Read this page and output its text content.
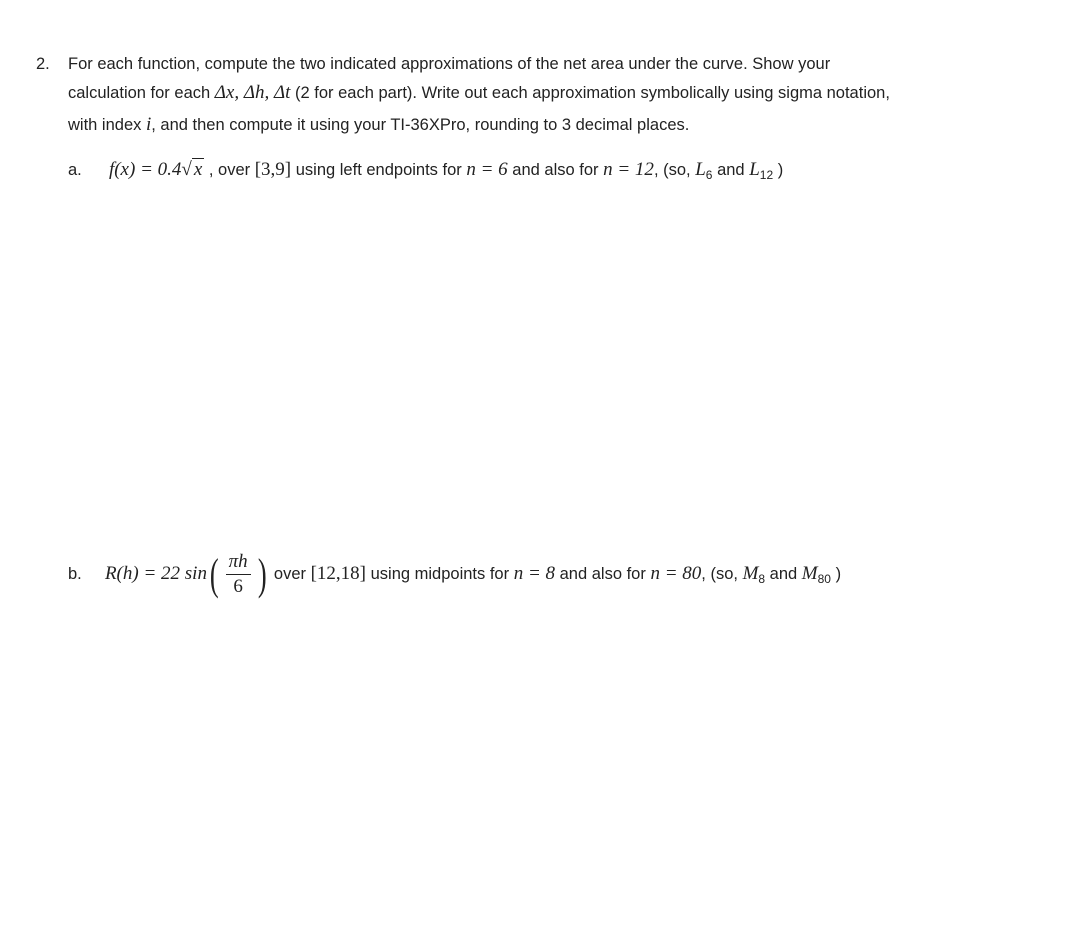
2. For each function, compute the two indicated approximations of the net area under the curve. Show your
calculation for each Δx, Δh, Δt (2 for each part). Write out each approximation symbolically using sigma notation,
with index i, and then compute it using your TI-36XPro, rounding to 3 decimal places.
a. f(x) = 0.4√ x , over [3,9] using left endpoints for n = 6 and also for n = 12, (so, $L_6$ and $L_{12}$ )
b. R(h) = 22 $\sin( \frac{\pi h}{6}$ ) over [12,18] using midpoints for n = 8 and also for n = 80, (so, $M_8$ and $M_{80}$ )
